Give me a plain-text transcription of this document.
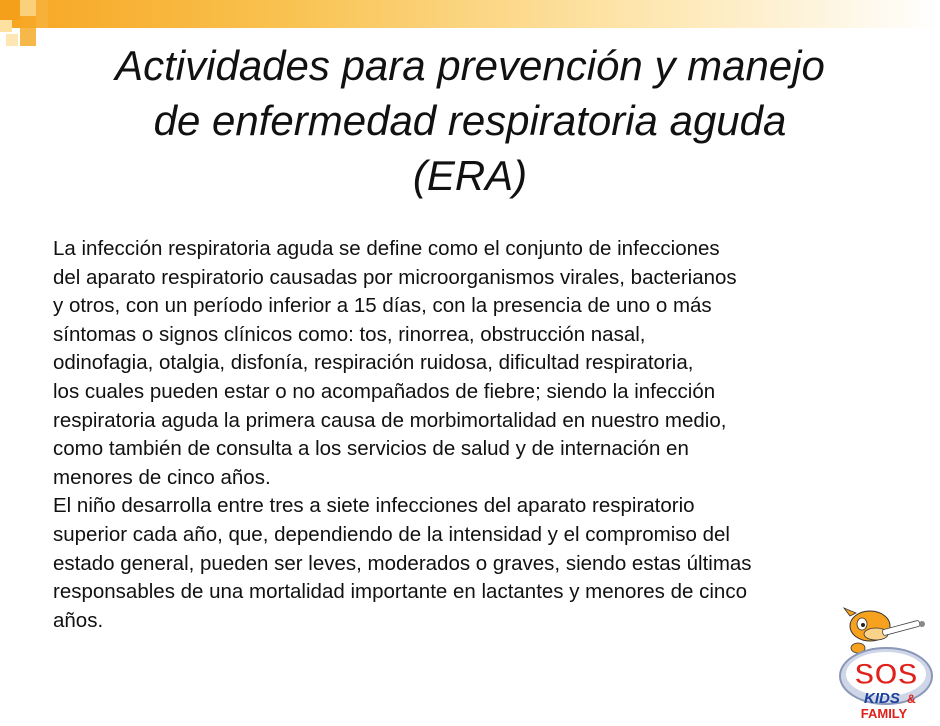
Actividades para prevención y manejo
de enfermedad respiratoria aguda
(ERA)
La infección respiratoria aguda se define como el conjunto de infecciones
del aparato respiratorio causadas por microorganismos virales, bacterianos
y otros, con un período inferior a 15 días, con la presencia de uno o más
síntomas o signos clínicos como: tos, rinorrea, obstrucción nasal,
odinofagia, otalgia, disfonía, respiración ruidosa, dificultad respiratoria,
los cuales pueden estar o no acompañados de fiebre; siendo la infección
respiratoria aguda la primera causa de morbimortalidad en nuestro medio,
como también de consulta a los servicios de salud y de internación en
menores de cinco años.
El niño desarrolla entre tres a siete infecciones del aparato respiratorio
superior cada año, que, dependiendo de la intensidad y el compromiso del
estado general, pueden ser leves, moderados o graves, siendo estas últimas
responsables de una mortalidad importante en lactantes y menores de cinco
años.
SOS
KIDS &
FAMILY
